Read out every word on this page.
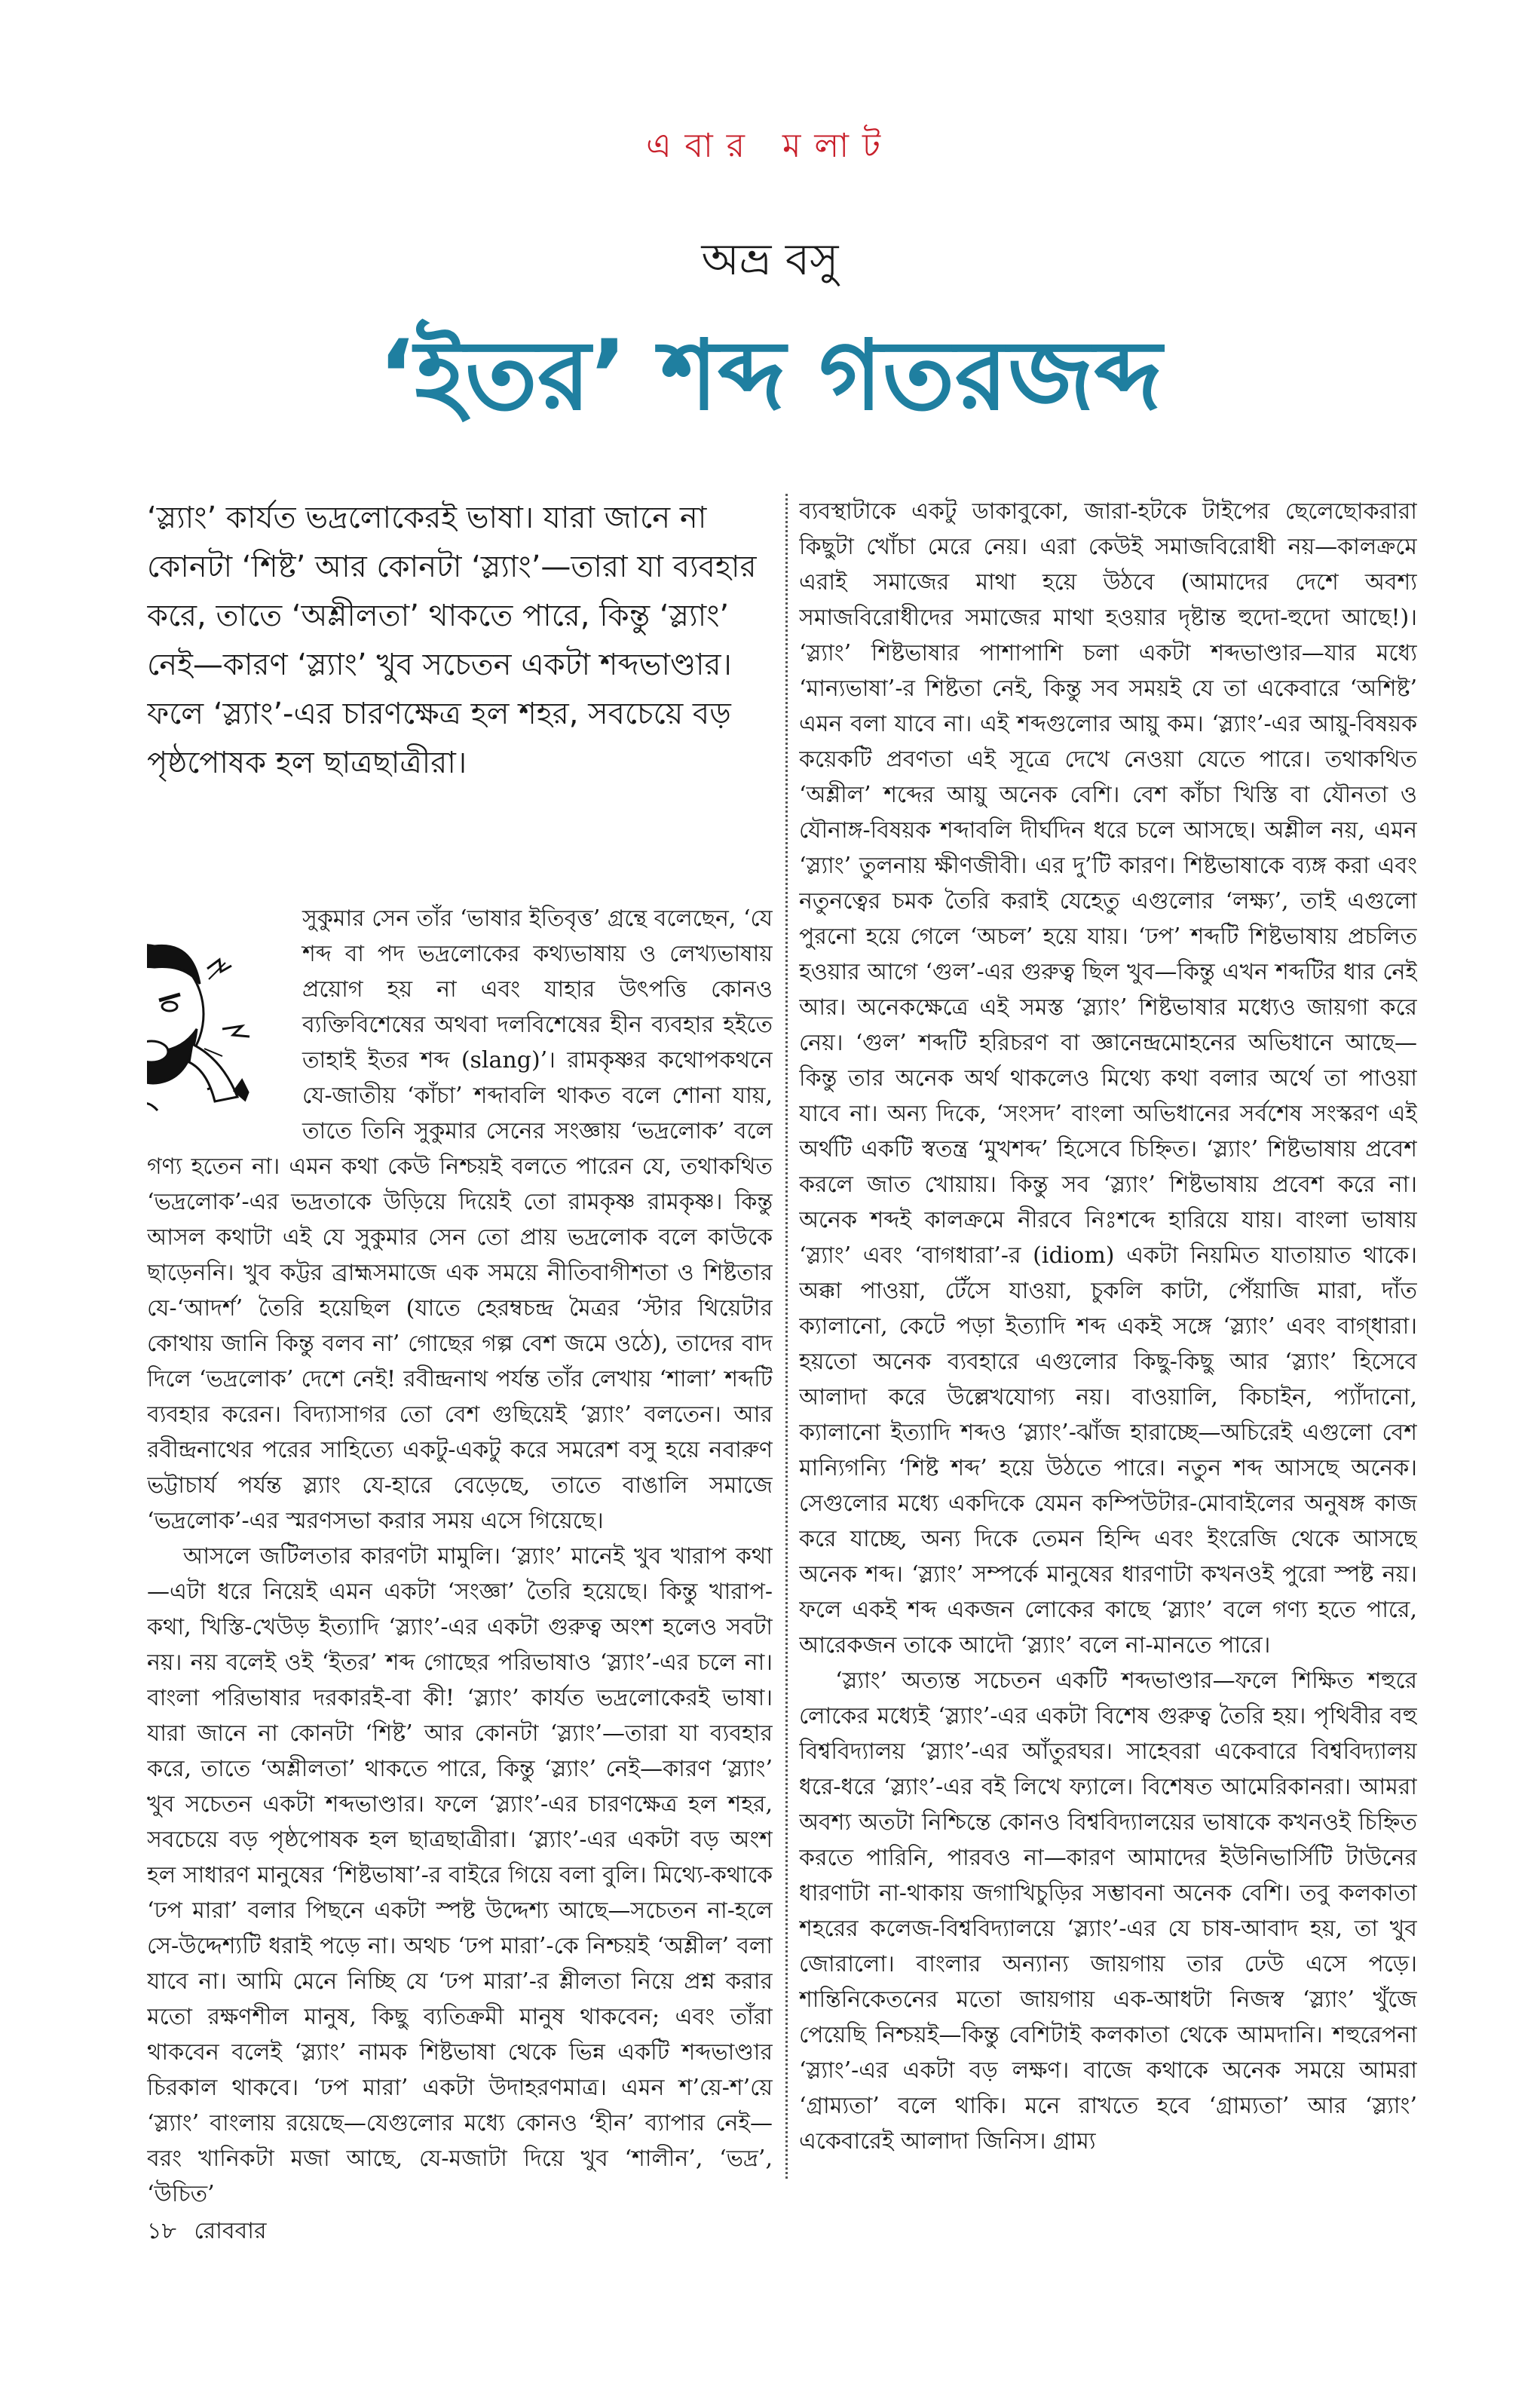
এবার মলাট
অভ্র বসু
‘ইতর’ শব্দ গতরজব্দ

‘স্ল্যাং’ কার্যত ভদ্রলোকেরই ভাষা। যারা জানে না কোনটা ‘শিষ্ট’ আর কোনটা ‘স্ল্যাং’—তারা যা ব্যবহার করে, তাতে ‘অশ্লীলতা’ থাকতে পারে, কিন্তু ‘স্ল্যাং’ নেই—কারণ ‘স্ল্যাং’ খুব সচেতন একটা শব্দভাণ্ডার। ফলে ‘স্ল্যাং’-এর চারণক্ষেত্র হল শহর, সবচেয়ে বড় পৃষ্ঠপোষক হল ছাত্রছাত্রীরা।

সুকুমার সেন তাঁর ‘ভাষার ইতিবৃত্ত’ গ্রন্থে বলেছেন, ‘যে শব্দ বা পদ ভদ্রলোকের কথ্যভাষায় ও লেখ্যভাষায় প্রয়োগ হয় না এবং যাহার উৎপত্তি কোনও ব্যক্তিবিশেষের অথবা দলবিশেষের হীন ব্যবহার হইতে তাহাই ইতর শব্দ (slang)’। রামকৃষ্ণর কথোপকথনে যে-জাতীয় ‘কাঁচা’ শব্দাবলি থাকত বলে শোনা যায়, তাতে তিনি সুকুমার সেনের সংজ্ঞায় ‘ভদ্রলোক’ বলে গণ্য হতেন না। এমন কথা কেউ নিশ্চয়ই বলতে পারেন যে, তথাকথিত ‘ভদ্রলোক’-এর ভদ্রতাকে উড়িয়ে দিয়েই তো রামকৃষ্ণ রামকৃষ্ণ। কিন্তু আসল কথাটা এই যে সুকুমার সেন তো প্রায় ভদ্রলোক বলে কাউকে ছাড়েননি। খুব কট্টর ব্রাহ্মসমাজে এক সময়ে নীতিবাগীশতা ও শিষ্টতার যে-‘আদর্শ’ তৈরি হয়েছিল (যাতে হেরম্বচন্দ্র মৈত্রর ‘স্টার থিয়েটার কোথায় জানি কিন্তু বলব না’ গোছের গল্প বেশ জমে ওঠে), তাদের বাদ দিলে ‘ভদ্রলোক’ দেশে নেই! রবীন্দ্রনাথ পর্যন্ত তাঁর লেখায় ‘শালা’ শব্দটি ব্যবহার করেন। বিদ্যাসাগর তো বেশ গুছিয়েই ‘স্ল্যাং’ বলতেন। আর রবীন্দ্রনাথের পরের সাহিত্যে একটু-একটু করে সমরেশ বসু হয়ে নবারুণ ভট্টাচার্য পর্যন্ত স্ল্যাং যে-হারে বেড়েছে, তাতে বাঙালি সমাজে ‘ভদ্রলোক’-এর স্মরণসভা করার সময় এসে গিয়েছে।

আসলে জটিলতার কারণটা মামুলি। ‘স্ল্যাং’ মানেই খুব খারাপ কথা—এটা ধরে নিয়েই এমন একটা ‘সংজ্ঞা’ তৈরি হয়েছে। কিন্তু খারাপ-কথা, খিস্তি-খেউড় ইত্যাদি ‘স্ল্যাং’-এর একটা গুরুত্ব অংশ হলেও সবটা নয়। নয় বলেই ওই ‘ইতর’ শব্দ গোছের পরিভাষাও ‘স্ল্যাং’-এর চলে না। বাংলা পরিভাষার দরকারই-বা কী! ‘স্ল্যাং’ কার্যত ভদ্রলোকেরই ভাষা। যারা জানে না কোনটা ‘শিষ্ট’ আর কোনটা ‘স্ল্যাং’—তারা যা ব্যবহার করে, তাতে ‘অশ্লীলতা’ থাকতে পারে, কিন্তু ‘স্ল্যাং’ নেই—কারণ ‘স্ল্যাং’ খুব সচেতন একটা শব্দভাণ্ডার। ফলে ‘স্ল্যাং’-এর চারণক্ষেত্র হল শহর, সবচেয়ে বড় পৃষ্ঠপোষক হল ছাত্রছাত্রীরা। ‘স্ল্যাং’-এর একটা বড় অংশ হল সাধারণ মানুষের ‘শিষ্টভাষা’-র বাইরে গিয়ে বলা বুলি। মিথ্যে-কথাকে ‘ঢপ মারা’ বলার পিছনে একটা স্পষ্ট উদ্দেশ্য আছে—সচেতন না-হলে সে-উদ্দেশ্যটি ধরাই পড়ে না। অথচ ‘ঢপ মারা’-কে নিশ্চয়ই ‘অশ্লীল’ বলা যাবে না। আমি মেনে নিচ্ছি যে ‘ঢপ মারা’-র শ্লীলতা নিয়ে প্রশ্ন করার মতো রক্ষণশীল মানুষ, কিছু ব্যতিক্রমী মানুষ থাকবেন; এবং তাঁরা থাকবেন বলেই ‘স্ল্যাং’ নামক শিষ্টভাষা থেকে ভিন্ন একটি শব্দভাণ্ডার চিরকাল থাকবে। ‘ঢপ মারা’ একটা উদাহরণমাত্র। এমন শ’য়ে-শ’য়ে ‘স্ল্যাং’ বাংলায় রয়েছে—যেগুলোর মধ্যে কোনও ‘হীন’ ব্যাপার নেই—বরং খানিকটা মজা আছে, যে-মজাটা দিয়ে খুব ‘শালীন’, ‘ভদ্র’, ‘উচিত’

ব্যবস্থাটাকে একটু ডাকাবুকো, জারা-হটকে টাইপের ছেলেছোকরারা কিছুটা খোঁচা মেরে নেয়। এরা কেউই সমাজবিরোধী নয়—কালক্রমে এরাই সমাজের মাথা হয়ে উঠবে (আমাদের দেশে অবশ্য সমাজবিরোধীদের সমাজের মাথা হওয়ার দৃষ্টান্ত হুদো-হুদো আছে!)। ‘স্ল্যাং’ শিষ্টভাষার পাশাপাশি চলা একটা শব্দভাণ্ডার—যার মধ্যে ‘মান্যভাষা’-র শিষ্টতা নেই, কিন্তু সব সময়ই যে তা একেবারে ‘অশিষ্ট’ এমন বলা যাবে না। এই শব্দগুলোর আয়ু কম। ‘স্ল্যাং’-এর আয়ু-বিষয়ক কয়েকটি প্রবণতা এই সূত্রে দেখে নেওয়া যেতে পারে। তথাকথিত ‘অশ্লীল’ শব্দের আয়ু অনেক বেশি। বেশ কাঁচা খিস্তি বা যৌনতা ও যৌনাঙ্গ-বিষয়ক শব্দাবলি দীর্ঘদিন ধরে চলে আসছে। অশ্লীল নয়, এমন ‘স্ল্যাং’ তুলনায় ক্ষীণজীবী। এর দু’টি কারণ। শিষ্টভাষাকে ব্যঙ্গ করা এবং নতুনত্বের চমক তৈরি করাই যেহেতু এগুলোর ‘লক্ষ্য’, তাই এগুলো পুরনো হয়ে গেলে ‘অচল’ হয়ে যায়। ‘ঢপ’ শব্দটি শিষ্টভাষায় প্রচলিত হওয়ার আগে ‘গুল’-এর গুরুত্ব ছিল খুব—কিন্তু এখন শব্দটির ধার নেই আর। অনেকক্ষেত্রে এই সমস্ত ‘স্ল্যাং’ শিষ্টভাষার মধ্যেও জায়গা করে নেয়। ‘গুল’ শব্দটি হরিচরণ বা জ্ঞানেন্দ্রমোহনের অভিধানে আছে—কিন্তু তার অনেক অর্থ থাকলেও মিথ্যে কথা বলার অর্থে তা পাওয়া যাবে না। অন্য দিকে, ‘সংসদ’ বাংলা অভিধানের সর্বশেষ সংস্করণ এই অর্থটি একটি স্বতন্ত্র ‘মুখশব্দ’ হিসেবে চিহ্নিত। ‘স্ল্যাং’ শিষ্টভাষায় প্রবেশ করলে জাত খোয়ায়। কিন্তু সব ‘স্ল্যাং’ শিষ্টভাষায় প্রবেশ করে না। অনেক শব্দই কালক্রমে নীরবে নিঃশব্দে হারিয়ে যায়। বাংলা ভাষায় ‘স্ল্যাং’ এবং ‘বাগধারা’-র (idiom) একটা নিয়মিত যাতায়াত থাকে। অক্কা পাওয়া, টেঁসে যাওয়া, চুকলি কাটা, পেঁয়াজি মারা, দাঁত ক্যালানো, কেটে পড়া ইত্যাদি শব্দ একই সঙ্গে ‘স্ল্যাং’ এবং বাগ্‌ধারা। হয়তো অনেক ব্যবহারে এগুলোর কিছু-কিছু আর ‘স্ল্যাং’ হিসেবে আলাদা করে উল্লেখযোগ্য নয়। বাওয়ালি, কিচাইন, প্যাঁদানো, ক্যালানো ইত্যাদি শব্দও ‘স্ল্যাং’-ঝাঁজ হারাচ্ছে—অচিরেই এগুলো বেশ মান্যিগন্যি ‘শিষ্ট শব্দ’ হয়ে উঠতে পারে। নতুন শব্দ আসছে অনেক। সেগুলোর মধ্যে একদিকে যেমন কম্পিউটার-মোবাইলের অনুষঙ্গ কাজ করে যাচ্ছে, অন্য দিকে তেমন হিন্দি এবং ইংরেজি থেকে আসছে অনেক শব্দ। ‘স্ল্যাং’ সম্পর্কে মানুষের ধারণাটা কখনওই পুরো স্পষ্ট নয়। ফলে একই শব্দ একজন লোকের কাছে ‘স্ল্যাং’ বলে গণ্য হতে পারে, আরেকজন তাকে আদৌ ‘স্ল্যাং’ বলে না-মানতে পারে।

‘স্ল্যাং’ অত্যন্ত সচেতন একটি শব্দভাণ্ডার—ফলে শিক্ষিত শহুরে লোকের মধ্যেই ‘স্ল্যাং’-এর একটা বিশেষ গুরুত্ব তৈরি হয়। পৃথিবীর বহু বিশ্ববিদ্যালয় ‘স্ল্যাং’-এর আঁতুরঘর। সাহেবরা একেবারে বিশ্ববিদ্যালয় ধরে-ধরে ‘স্ল্যাং’-এর বই লিখে ফ্যালে। বিশেষত আমেরিকানরা। আমরা অবশ্য অতটা নিশ্চিন্তে কোনও বিশ্ববিদ্যালয়ের ভাষাকে কখনওই চিহ্নিত করতে পারিনি, পারবও না—কারণ আমাদের ইউনিভার্সিটি টাউনের ধারণাটা না-থাকায় জগাখিচুড়ির সম্ভাবনা অনেক বেশি। তবু কলকাতা শহরের কলেজ-বিশ্ববিদ্যালয়ে ‘স্ল্যাং’-এর যে চাষ-আবাদ হয়, তা খুব জোরালো। বাংলার অন্যান্য জায়গায় তার ঢেউ এসে পড়ে। শান্তিনিকেতনের মতো জায়গায় এক-আধটা নিজস্ব ‘স্ল্যাং’ খুঁজে পেয়েছি নিশ্চয়ই—কিন্তু বেশিটাই কলকাতা থেকে আমদানি। শহুরেপনা ‘স্ল্যাং’-এর একটা বড় লক্ষণ। বাজে কথাকে অনেক সময়ে আমরা ‘গ্রাম্যতা’ বলে থাকি। মনে রাখতে হবে ‘গ্রাম্যতা’ আর ‘স্ল্যাং’ একেবারেই আলাদা জিনিস। গ্রাম্য

১৮ রোববার
